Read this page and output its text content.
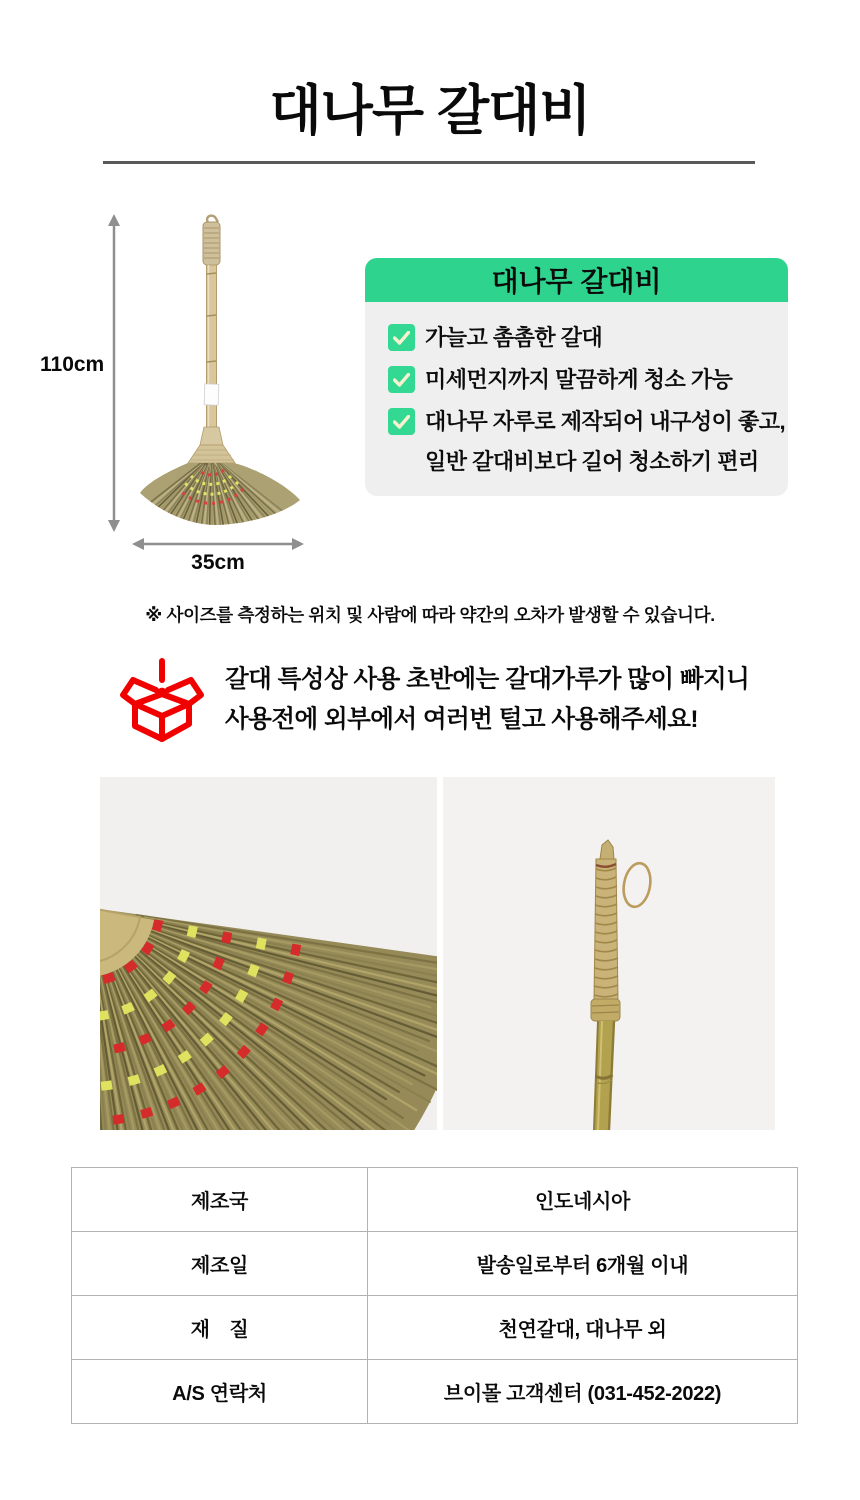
대나무 갈대비
110cm
35cm
대나무 갈대비
가늘고 촘촘한 갈대
미세먼지까지 말끔하게 청소 가능
대나무 자루로 제작되어 내구성이 좋고,
일반 갈대비보다 길어 청소하기 편리
※ 사이즈를 측정하는 위치 및 사람에 따라 약간의 오차가 발생할 수 있습니다.
갈대 특성상 사용 초반에는 갈대가루가 많이 빠지니
사용전에 외부에서 여러번 털고 사용해주세요!
제조국	인도네시아
제조일	발송일로부터 6개월 이내
재　질	천연갈대, 대나무 외
A/S 연락처	브이몰 고객센터 (031-452-2022)
